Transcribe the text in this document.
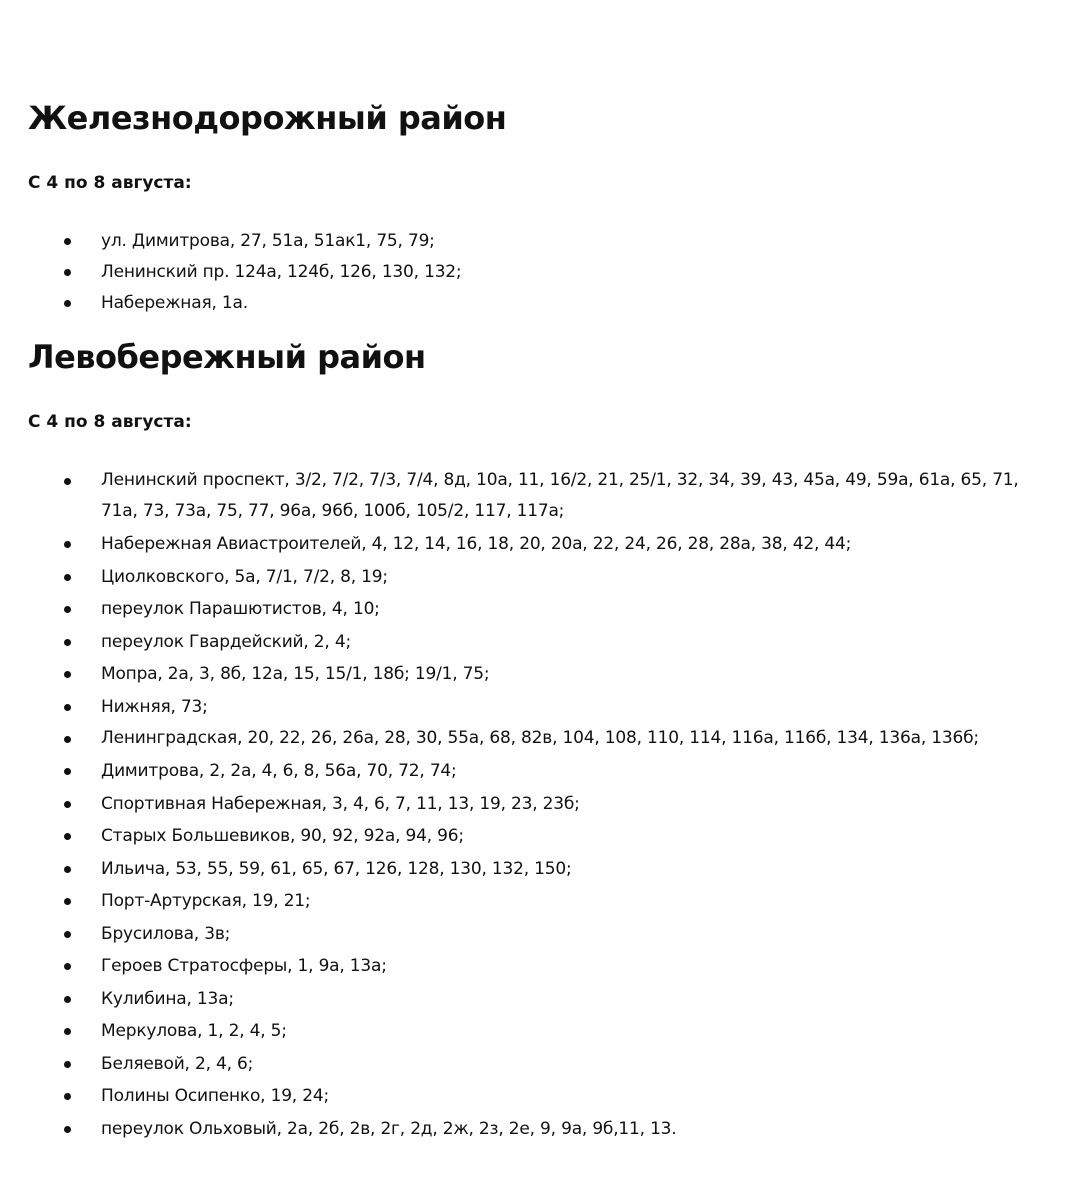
Железнодорожный район

С 4 по 8 августа:

ул. Димитрова, 27, 51а, 51ак1, 75, 79;
Ленинский пр. 124а, 124б, 126, 130, 132;
Набережная, 1а.
Левобережный район

С 4 по 8 августа:

Ленинский проспект, 3/2, 7/2, 7/3, 7/4, 8д, 10а, 11, 16/2, 21, 25/1, 32, 34, 39, 43, 45а, 49, 59а, 61а, 65, 71, 71а, 73, 73а, 75, 77, 96а, 96б, 100б, 105/2, 117, 117а;
Набережная Авиастроителей, 4, 12, 14, 16, 18, 20, 20а, 22, 24, 26, 28, 28а, 38, 42, 44;
Циолковского, 5а, 7/1, 7/2, 8, 19;
переулок Парашютистов, 4, 10;
переулок Гвардейский, 2, 4;
Мопра, 2а, 3, 8б, 12а, 15, 15/1, 18б; 19/1, 75;
Нижняя, 73;
Ленинградская, 20, 22, 26, 26а, 28, 30, 55а, 68, 82в, 104, 108, 110, 114, 116а, 116б, 134, 136а, 136б;
Димитрова, 2, 2а, 4, 6, 8, 56а, 70, 72, 74;
Спортивная Набережная, 3, 4, 6, 7, 11, 13, 19, 23, 23б;
Старых Большевиков, 90, 92, 92а, 94, 96;
Ильича, 53, 55, 59, 61, 65, 67, 126, 128, 130, 132, 150;
Порт-Артурская, 19, 21;
Брусилова, 3в;
Героев Стратосферы, 1, 9а, 13а;
Кулибина, 13а;
Меркулова, 1, 2, 4, 5;
Беляевой, 2, 4, 6;
Полины Осипенко, 19, 24;
переулок Ольховый, 2а, 2б, 2в, 2г, 2д, 2ж, 2з, 2е, 9, 9а, 9б,11, 13.
